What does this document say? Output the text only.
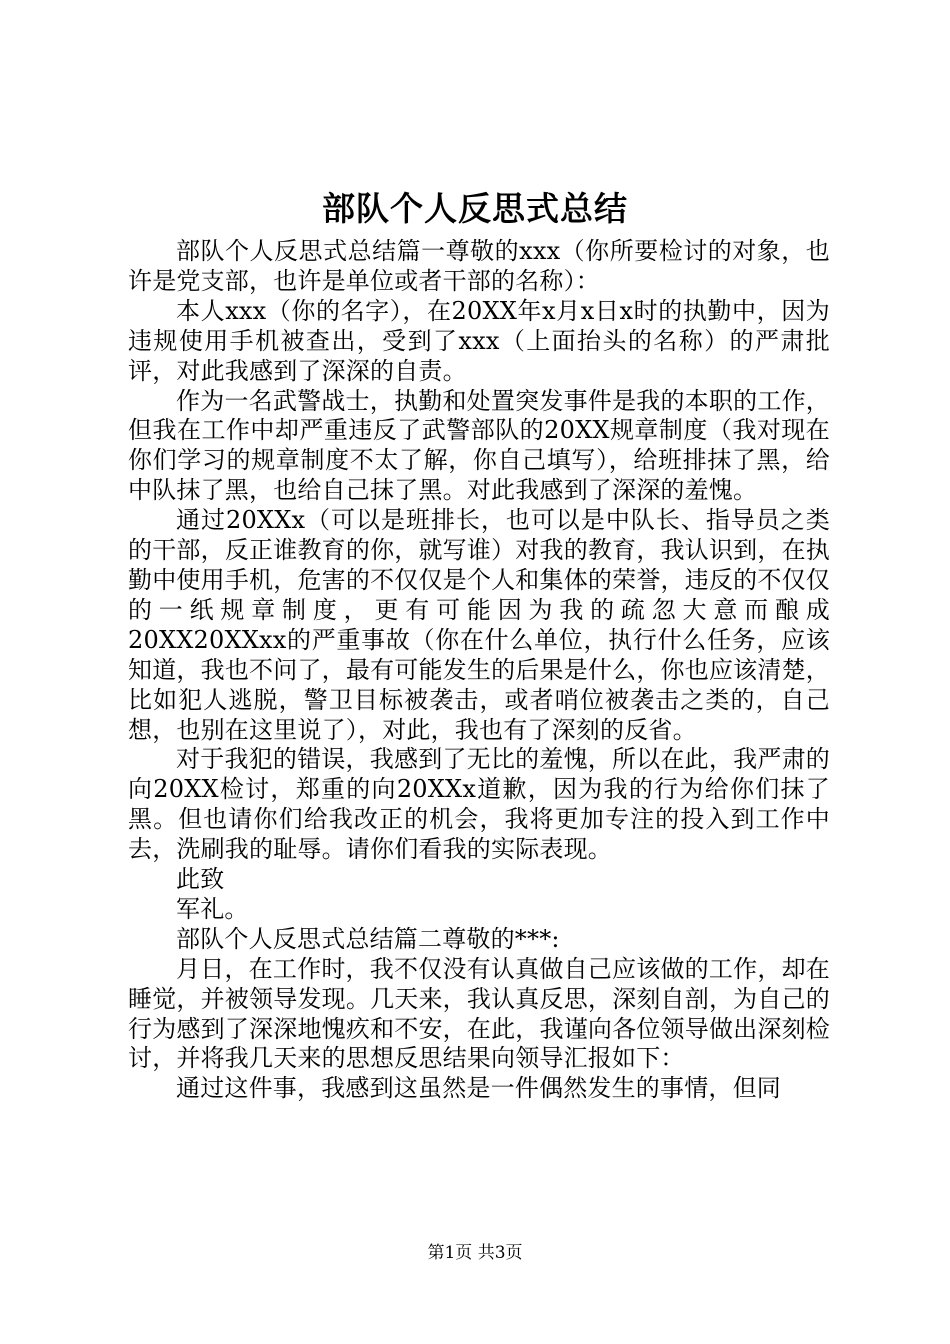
部队个人反思式总结

部队个人反思式总结篇一尊敬的xxx（你所要检讨的对象，也许是党支部，也许是单位或者干部的名称）：

本人xxx（你的名字），在20XX年x月x日x时的执勤中，因为违规使用手机被查出，受到了xxx（上面抬头的名称）的严肃批评，对此我感到了深深的自责。

作为一名武警战士，执勤和处置突发事件是我的本职的工作，但我在工作中却严重违反了武警部队的20XX规章制度（我对现在你们学习的规章制度不太了解，你自己填写），给班排抹了黑，给中队抹了黑，也给自己抹了黑。对此我感到了深深的羞愧。

通过20XXx（可以是班排长，也可以是中队长、指导员之类的干部，反正谁教育的你，就写谁）对我的教育，我认识到，在执勤中使用手机，危害的不仅仅是个人和集体的荣誉，违反的不仅仅的一纸规章制度，更有可能因为我的疏忽大意而酿成20XX20XXxx的严重事故（你在什么单位，执行什么任务，应该知道，我也不问了，最有可能发生的后果是什么，你也应该清楚，比如犯人逃脱，警卫目标被袭击，或者哨位被袭击之类的，自己想，也别在这里说了），对此，我也有了深刻的反省。

对于我犯的错误，我感到了无比的羞愧，所以在此，我严肃的向20XX检讨，郑重的向20XXx道歉，因为我的行为给你们抹了黑。但也请你们给我改正的机会，我将更加专注的投入到工作中去，洗刷我的耻辱。请你们看我的实际表现。

此致

军礼。

部队个人反思式总结篇二尊敬的***:

月日，在工作时，我不仅没有认真做自己应该做的工作，却在睡觉，并被领导发现。几天来，我认真反思，深刻自剖，为自己的行为感到了深深地愧疚和不安，在此，我谨向各位领导做出深刻检讨，并将我几天来的思想反思结果向领导汇报如下：

通过这件事，我感到这虽然是一件偶然发生的事情，但同

第1页 共3页
